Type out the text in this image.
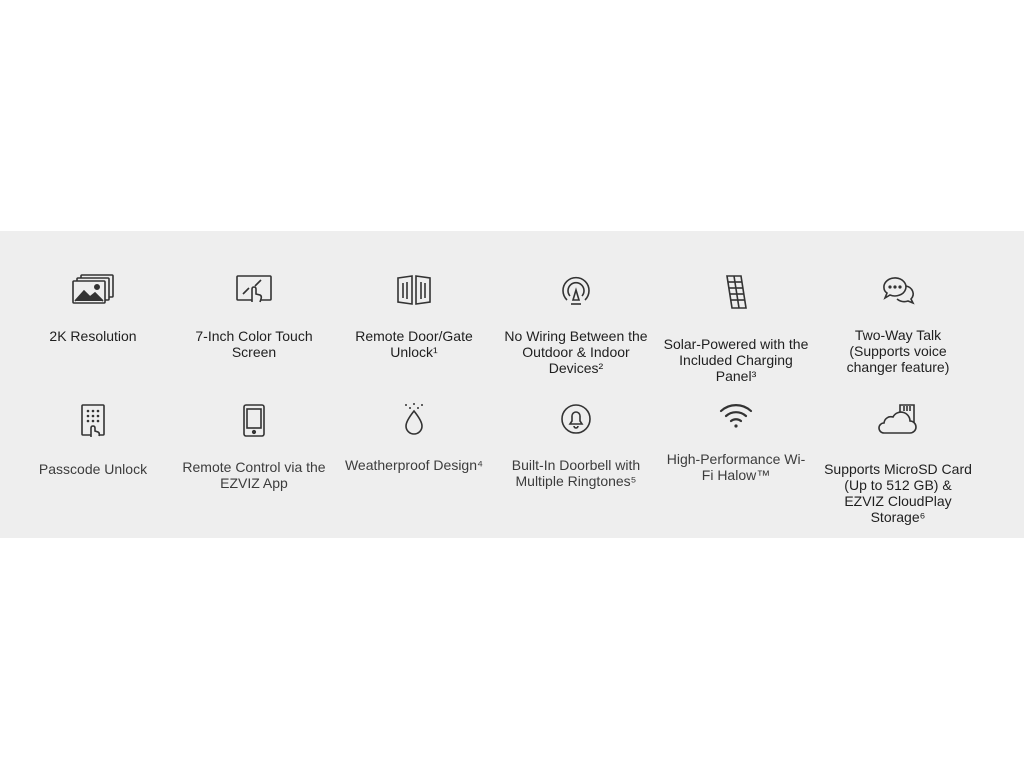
2K Resolution	7-Inch Color Touch Screen
Remote Door/Gate Unlock¹
No Wiring Between the Outdoor & Indoor Devices²
Solar-Powered with the Included Charging Panel³
Two-Way Talk (Supports voice changer feature)
Passcode Unlock	Remote Control via the EZVIZ App
Weatherproof Design⁴	Built-In Doorbell with Multiple Ringtones⁵
High-Performance Wi-Fi Halow™	Supports MicroSD Card (Up to 512 GB) & EZVIZ CloudPlay Storage⁶
